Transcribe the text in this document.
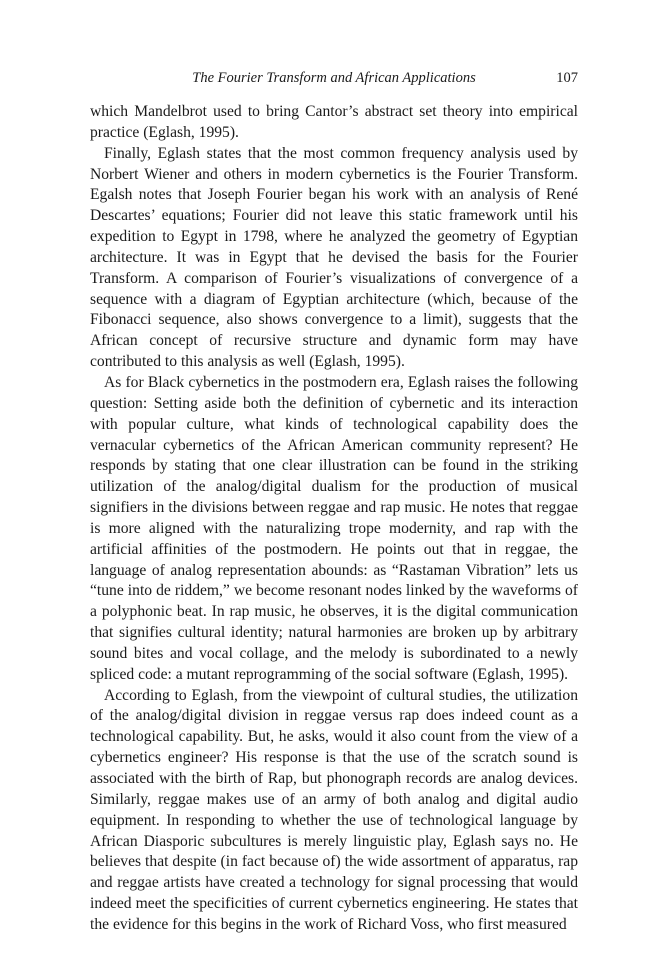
The Fourier Transform and African Applications	107

which Mandelbrot used to bring Cantor’s abstract set theory into empirical practice (Eglash, 1995).

Finally, Eglash states that the most common frequency analysis used by Norbert Wiener and others in modern cybernetics is the Fourier Transform. Egalsh notes that Joseph Fourier began his work with an analysis of René Descartes’ equations; Fourier did not leave this static framework until his expedition to Egypt in 1798, where he analyzed the geometry of Egyptian architecture. It was in Egypt that he devised the basis for the Fourier Transform. A comparison of Fourier’s visualizations of convergence of a sequence with a diagram of Egyptian architecture (which, because of the Fibonacci sequence, also shows convergence to a limit), suggests that the African concept of recursive structure and dynamic form may have contributed to this analysis as well (Eglash, 1995).

As for Black cybernetics in the postmodern era, Eglash raises the following question: Setting aside both the definition of cybernetic and its interaction with popular culture, what kinds of technological capability does the vernacular cybernetics of the African American community represent? He responds by stating that one clear illustration can be found in the striking utilization of the analog/digital dualism for the production of musical signifiers in the divisions between reggae and rap music. He notes that reggae is more aligned with the naturalizing trope modernity, and rap with the artificial affinities of the postmodern. He points out that in reggae, the language of analog representation abounds: as “Rastaman Vibration” lets us “tune into de riddem,” we become resonant nodes linked by the waveforms of a polyphonic beat. In rap music, he observes, it is the digital communication that signifies cultural identity; natural harmonies are broken up by arbitrary sound bites and vocal collage, and the melody is subordinated to a newly spliced code: a mutant reprogramming of the social software (Eglash, 1995).

According to Eglash, from the viewpoint of cultural studies, the utilization of the analog/digital division in reggae versus rap does indeed count as a technological capability. But, he asks, would it also count from the view of a cybernetics engineer? His response is that the use of the scratch sound is associated with the birth of Rap, but phonograph records are analog devices. Similarly, reggae makes use of an army of both analog and digital audio equipment. In responding to whether the use of technological language by African Diasporic subcultures is merely linguistic play, Eglash says no. He believes that despite (in fact because of) the wide assortment of apparatus, rap and reggae artists have created a technology for signal processing that would indeed meet the specificities of current cybernetics engineering. He states that the evidence for this begins in the work of Richard Voss, who first measured
